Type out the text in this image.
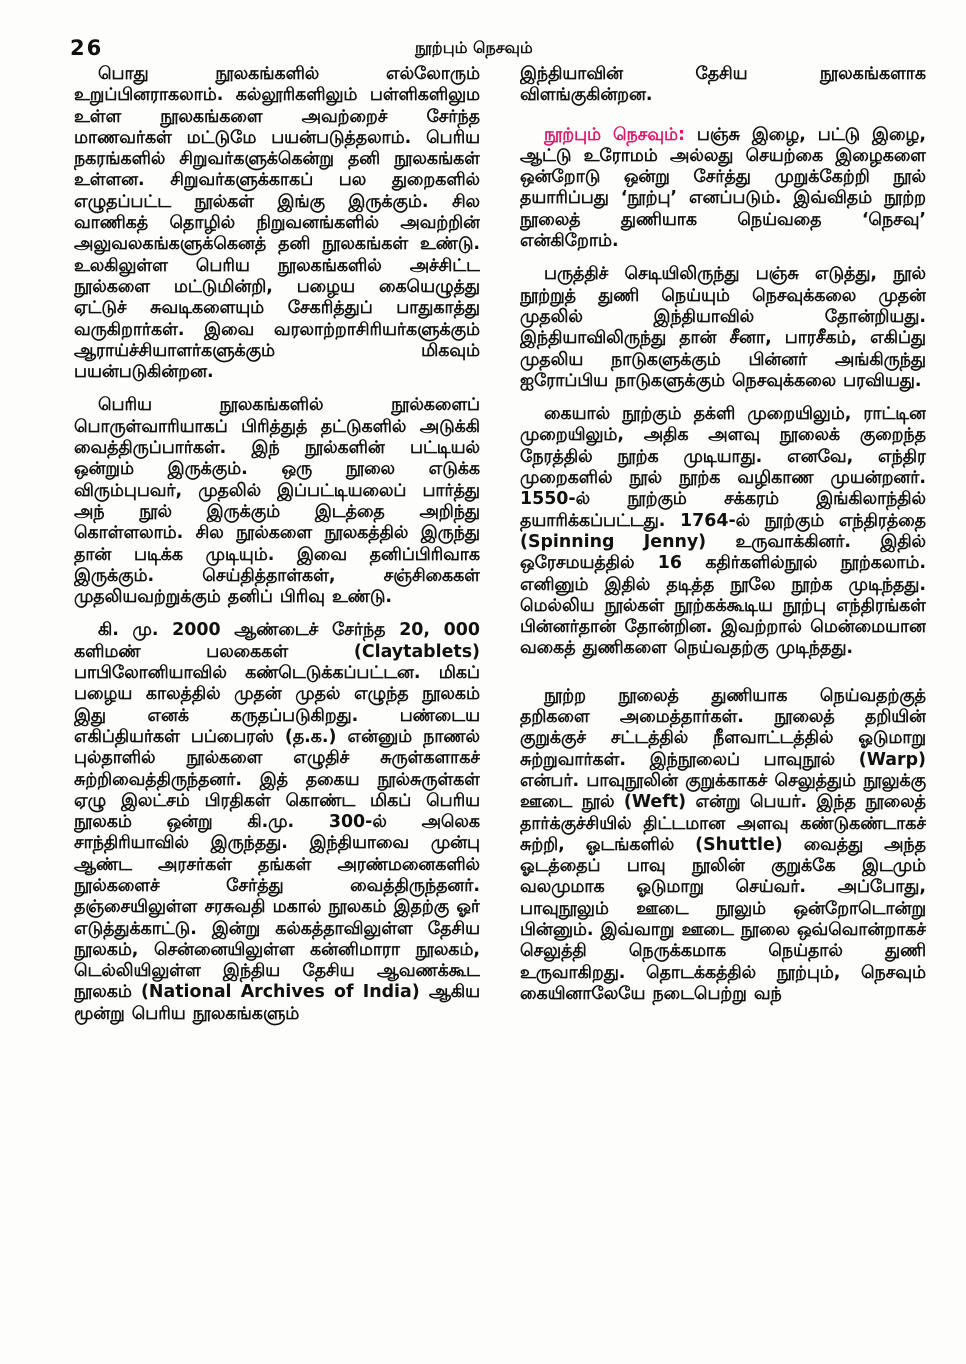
26	நூற்பும் நெசவும்

பொது நூலகங்களில் எல்லோரும் உறுப்பினராகலாம். கல்லூரிகளிலும் பள்ளிகளிலும உள்ள நூலகங்களை அவற்றைச் சேர்ந்த மாணவர்கள் மட்டுமே பயன்படுத்தலாம். பெரிய நகரங்களில் சிறுவர்களுக்கென்று தனி நூலகங்கள் உள்ளன. சிறுவர்களுக்காகப் பல துறைகளில் எழுதப்பட்ட நூல்கள் இங்கு இருக்கும். சில வாணிகத் தொழில் நிறுவனங்களில் அவற்றின் அலுவலகங்களுக்கெனத் தனி நூலகங்கள் உண்டு. உலகிலுள்ள பெரிய நூலகங்களில் அச்சிட்ட நூல்களை மட்டுமின்றி, பழைய கையெழுத்து ஏட்டுச் சுவடிகளையும் சேகரித்துப் பாதுகாத்து வருகிறார்கள். இவை வரலாற்றாசிரியர்களுக்கும் ஆராய்ச்சியாளர்களுக்கும் மிகவும் பயன்படுகின்றன.

பெரிய நூலகங்களில் நூல்களைப் பொருள்வாரியாகப் பிரித்துத் தட்டுகளில் அடுக்கி வைத்திருப்பார்கள். இந் நூல்களின் பட்டியல் ஒன்றும் இருக்கும். ஒரு நூலை எடுக்க விரும்புபவர், முதலில் இப்பட்டியலைப் பார்த்து அந் நூல் இருக்கும் இடத்தை அறிந்து கொள்ளலாம். சில நூல்களை நூலகத்தில் இருந்து தான் படிக்க முடியும். இவை தனிப்பிரிவாக இருக்கும். செய்தித்தாள்கள், சஞ்சிகைகள் முதலியவற்றுக்கும் தனிப் பிரிவு உண்டு.

கி. மு. 2000 ஆண்டைச் சேர்ந்த 20, 000 களிமண் பலகைகள் (Claytablets) பாபிலோனியாவில் கண்டெடுக்கப்பட்டன. மிகப் பழைய காலத்தில் முதன் முதல் எழுந்த நூலகம் இது எனக் கருதப்படுகிறது. பண்டைய எகிப்தியர்கள் பப்பைரஸ் (த.க.) என்னும் நாணல் புல்தாளில் நூல்களை எழுதிச் சுருள்களாகச் சுற்றிவைத்திருந்தனர். இத் தகைய நூல்சுருள்கள் ஏழு இலட்சம் பிரதிகள் கொண்ட மிகப் பெரிய நூலகம் ஒன்று கி.மு. 300-ல் அலெக சாந்திரியாவில் இருந்தது. இந்தியாவை முன்பு ஆண்ட அரசர்கள் தங்கள் அரண்மனைகளில் நூல்களைச் சேர்த்து வைத்திருந்தனர். தஞ்சையிலுள்ள சரசுவதி மகால் நூலகம் இதற்கு ஓர் எடுத்துக்காட்டு. இன்று கல்கத்தாவிலுள்ள தேசிய நூலகம், சென்னையிலுள்ள கன்னிமாரா நூலகம், டெல்லியிலுள்ள இந்திய தேசிய ஆவணக்கூட நூலகம் (National Archives of India) ஆகிய மூன்று பெரிய நூலகங்களும்

இந்தியாவின் தேசிய நூலகங்களாக விளங்குகின்றன.

நூற்பும் நெசவும்: பஞ்சு இழை, பட்டு இழை, ஆட்டு உரோமம் அல்லது செயற்கை இழைகளை ஒன்றோடு ஒன்று சேர்த்து முறுக்கேற்றி நூல் தயாரிப்பது ‘நூற்பு’ எனப்படும். இவ்விதம் நூற்ற நூலைத் துணியாக நெய்வதை ‘நெசவு’ என்கிறோம்.

பருத்திச் செடியிலிருந்து பஞ்சு எடுத்து, நூல் நூற்றுத் துணி நெய்யும் நெசவுக்கலை முதன் முதலில் இந்தியாவில் தோன்றியது. இந்தியாவிலிருந்து தான் சீனா, பாரசீகம், எகிப்து முதலிய நாடுகளுக்கும் பின்னர் அங்கிருந்து ஐரோப்பிய நாடுகளுக்கும் நெசவுக்கலை பரவியது.

கையால் நூற்கும் தக்ளி முறையிலும், ராட்டின முறையிலும், அதிக அளவு நூலைக் குறைந்த நேரத்தில் நூற்க முடியாது. எனவே, எந்திர முறைகளில் நூல் நூற்க வழிகாண முயன்றனர். 1550-ல் நூற்கும் சக்கரம் இங்கிலாந்தில் தயாரிக்கப்பட்டது. 1764-ல் நூற்கும் எந்திரத்தை (Spinning Jenny) உருவாக்கினர். இதில் ஒரேசமயத்தில் 16 கதிர்களில்நூல் நூற்கலாம். எனினும் இதில் தடித்த நூலே நூற்க முடிந்தது. மெல்லிய நூல்கள் நூற்கக்கூடிய நூற்பு எந்திரங்கள் பின்னர்தான் தோன்றின. இவற்றால் மென்மையான வகைத் துணிகளை நெய்வதற்கு முடிந்தது.

நூற்ற நூலைத் துணியாக நெய்வதற்குத் தறிகளை அமைத்தார்கள். நூலைத் தறியின் குறுக்குச் சட்டத்தில் நீளவாட்டத்தில் ஓடுமாறு சுற்றுவார்கள். இந்நூலைப் பாவுநூல் (Warp) என்பர். பாவுநூலின் குறுக்காகச் செலுத்தும் நூலுக்கு ஊடை நூல் (Weft) என்று பெயர். இந்த நூலைத் தார்க்குச்சியில் திட்டமான அளவு கண்டுகண்டாகச் சுற்றி, ஓடங்களில் (Shuttle) வைத்து அந்த ஓடத்தைப் பாவு நூலின் குறுக்கே இடமும் வலமுமாக ஓடுமாறு செய்வர். அப்போது, பாவுநூலும் ஊடை நூலும் ஒன்றோடொன்று பின்னும். இவ்வாறு ஊடை நூலை ஒவ்வொன்றாகச் செலுத்தி நெருக்கமாக நெய்தால் துணி உருவாகிறது. தொடக்கத்தில் நூற்பும், நெசவும் கையினாலேயே நடைபெற்று வந்
